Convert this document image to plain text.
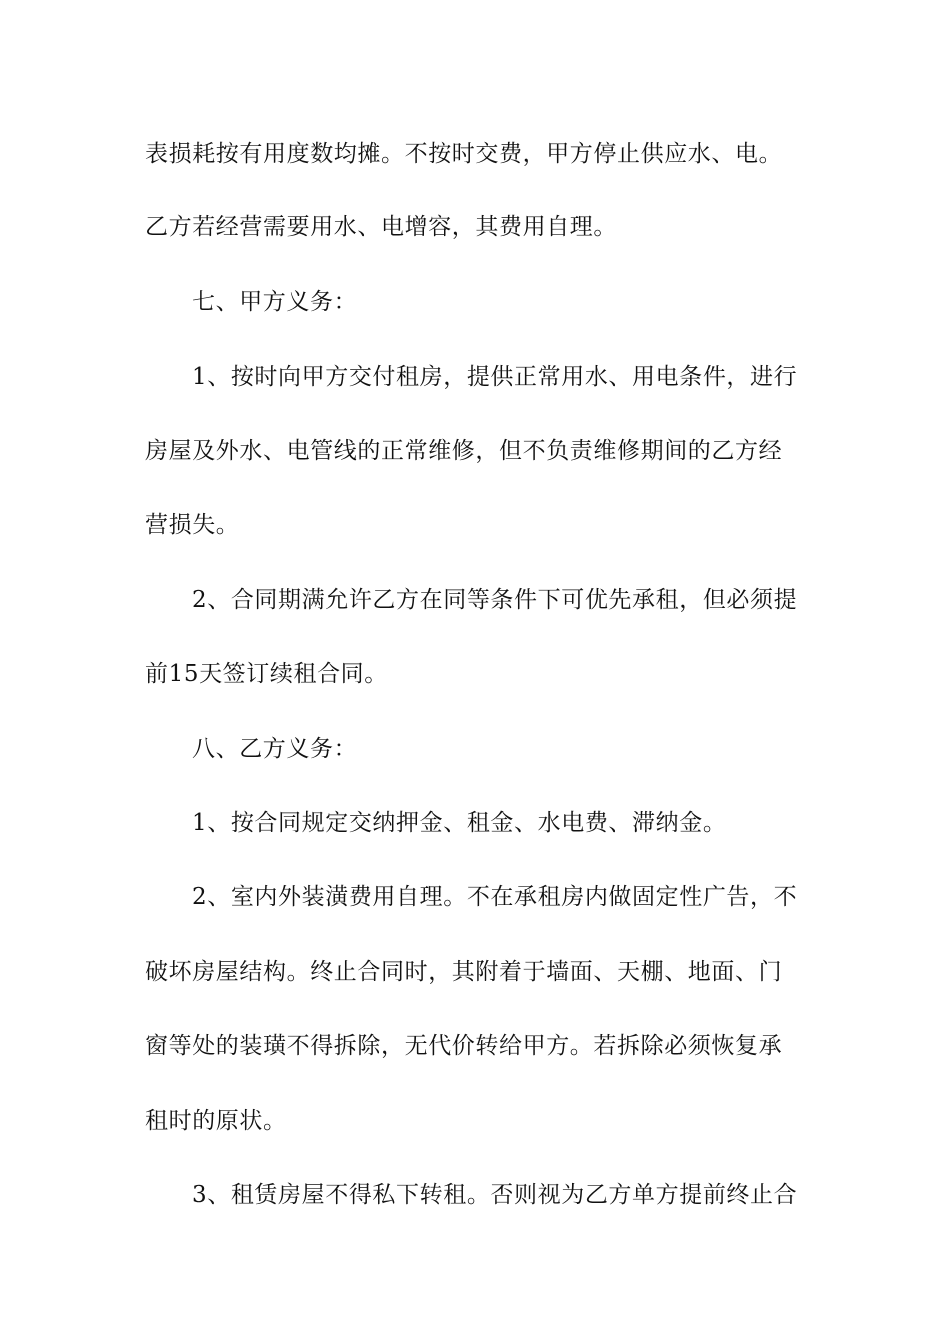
表损耗按有用度数均摊。不按时交费，甲方停止供应水、电。
乙方若经营需要用水、电增容，其费用自理。
七、甲方义务：
1、按时向甲方交付租房，提供正常用水、用电条件，进行
房屋及外水、电管线的正常维修，但不负责维修期间的乙方经
营损失。
2、合同期满允许乙方在同等条件下可优先承租，但必须提
前15天签订续租合同。
八、乙方义务：
1、按合同规定交纳押金、租金、水电费、滞纳金。
2、室内外装潢费用自理。不在承租房内做固定性广告，不
破坏房屋结构。终止合同时，其附着于墙面、天棚、地面、门
窗等处的装璜不得拆除，无代价转给甲方。若拆除必须恢复承
租时的原状。
3、租赁房屋不得私下转租。否则视为乙方单方提前终止合
